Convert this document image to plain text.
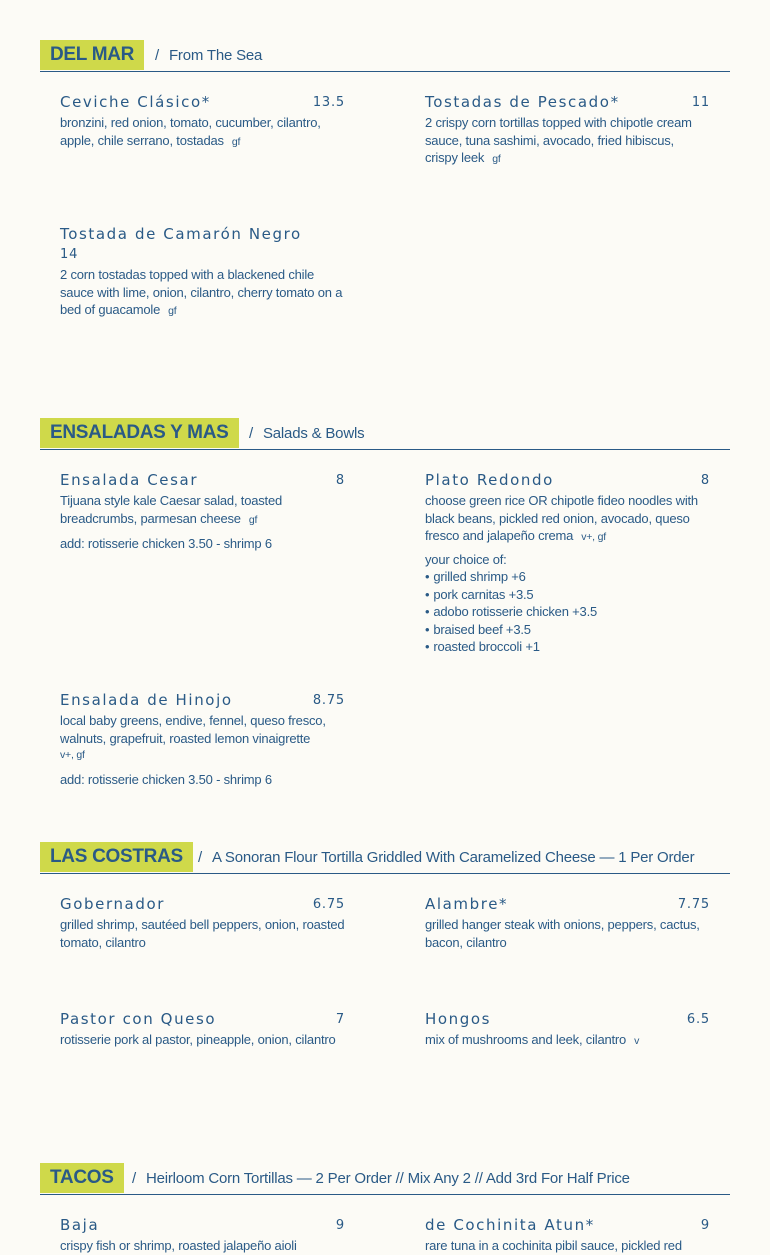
DEL MAR	/ From The Sea
Ceviche Clásico*	13.5
bronzini, red onion, tomato, cucumber, cilantro, apple, chile serrano, tostadas gf
Tostadas de Pescado*	11
2 crispy corn tortillas topped with chipotle cream sauce, tuna sashimi, avocado, fried hibiscus, crispy leek gf
Tostada de Camarón Negro
14
2 corn tostadas topped with a blackened chile sauce with lime, onion, cilantro, cherry tomato on a bed of guacamole gf
ENSALADAS Y MAS	/ Salads & Bowls
Ensalada Cesar	8
Tijuana style kale Caesar salad, toasted breadcrumbs, parmesan cheese gf
add: rotisserie chicken 3.50 - shrimp 6
Plato Redondo	8
choose green rice OR chipotle fideo noodles with black beans, pickled red onion, avocado, queso fresco and jalapeño crema v+, gf
your choice of:
• grilled shrimp +6
• pork carnitas +3.5
• adobo rotisserie chicken +3.5
• braised beef +3.5
• roasted broccoli +1
Ensalada de Hinojo	8.75
local baby greens, endive, fennel, queso fresco, walnuts, grapefruit, roasted lemon vinaigrette
v+, gf
add: rotisserie chicken 3.50 - shrimp 6
LAS COSTRAS	/ A Sonoran Flour Tortilla Griddled With Caramelized Cheese — 1 Per Order
Gobernador	6.75
grilled shrimp, sautéed bell peppers, onion, roasted tomato, cilantro
Alambre*	7.75
grilled hanger steak with onions, peppers, cactus, bacon, cilantro
Pastor con Queso	7
rotisserie pork al pastor, pineapple, onion, cilantro
Hongos	6.5
mix of mushrooms and leek, cilantro v
TACOS	/ Heirloom Corn Tortillas — 2 Per Order // Mix Any 2 // Add 3rd For Half Price
Baja	9
crispy fish or shrimp, roasted jalapeño aioli
de Cochinita Atun*	9
rare tuna in a cochinita pibil sauce, pickled red
